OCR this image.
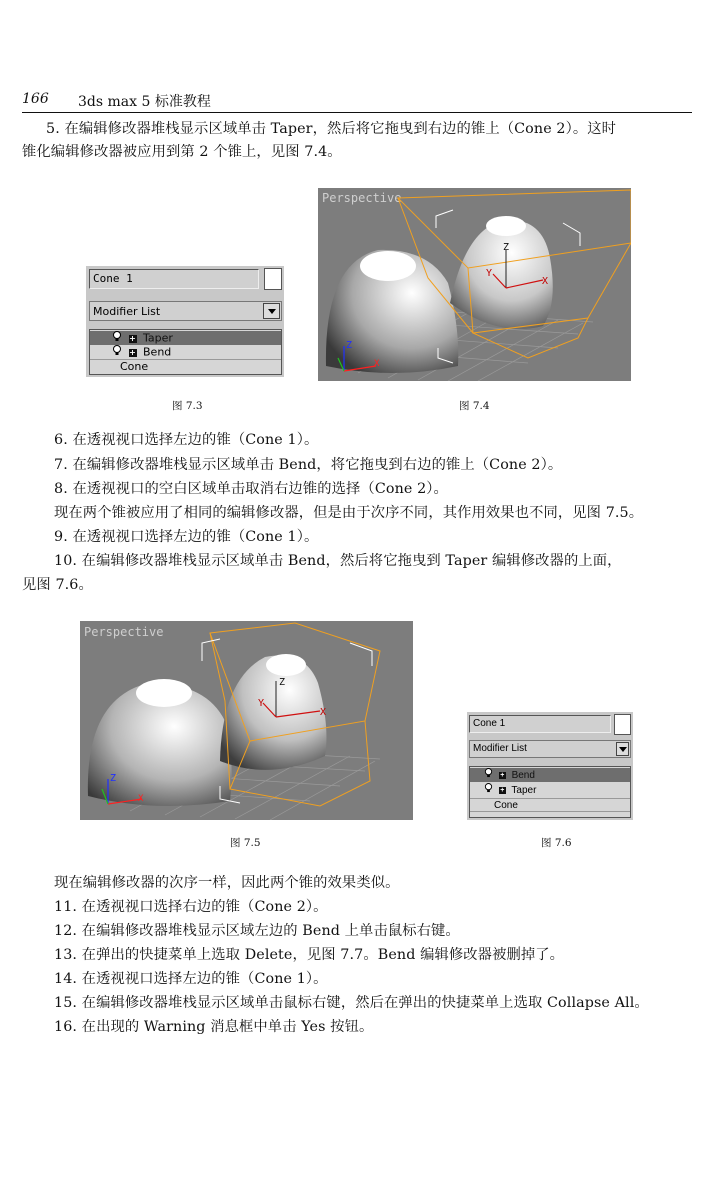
166 3ds max 5 标准教程
5. 在编辑修改器堆栈显示区域单击 Taper，然后将它拖曳到右边的锥上（Cone 2）。这时
锥化编辑修改器被应用到第 2 个锥上，见图 7.4。
Cone 1
Modifier List
+ Taper
+ Bend
Cone
Perspective
Z
Y
X
Z
X
图 7.3	图 7.4
6. 在透视视口选择左边的锥（Cone 1）。
7. 在编辑修改器堆栈显示区域单击 Bend，将它拖曳到右边的锥上（Cone 2）。
8. 在透视视口的空白区域单击取消右边锥的选择（Cone 2）。
现在两个锥被应用了相同的编辑修改器，但是由于次序不同，其作用效果也不同，见图 7.5。
9. 在透视视口选择左边的锥（Cone 1）。
10. 在编辑修改器堆栈显示区域单击 Bend，然后将它拖曳到 Taper 编辑修改器的上面，
见图 7.6。
Perspective
Z
Y
X
Z
X
Cone 1
Modifier List
+ Bend
+ Taper
Cone
图 7.5	图 7.6
现在编辑修改器的次序一样，因此两个锥的效果类似。
11. 在透视视口选择右边的锥（Cone 2）。
12. 在编辑修改器堆栈显示区域左边的 Bend 上单击鼠标右键。
13. 在弹出的快捷菜单上选取 Delete，见图 7.7。Bend 编辑修改器被删掉了。
14. 在透视视口选择左边的锥（Cone 1）。
15. 在编辑修改器堆栈显示区域单击鼠标右键，然后在弹出的快捷菜单上选取 Collapse All。
16. 在出现的 Warning 消息框中单击 Yes 按钮。
